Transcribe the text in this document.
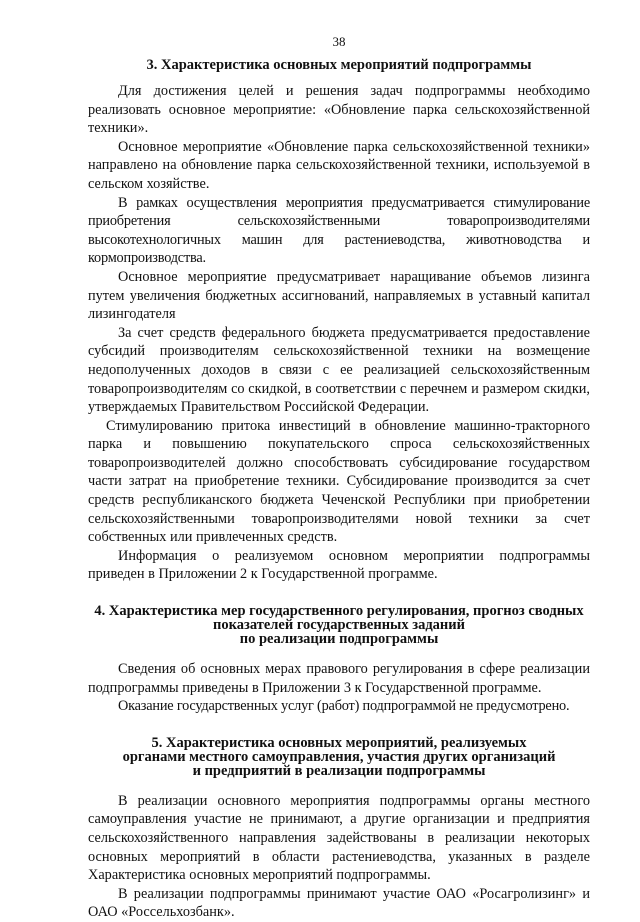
38
3. Характеристика основных мероприятий подпрограммы

Для достижения целей и решения задач подпрограммы необходимо реализовать основное мероприятие: «Обновление парка сельскохозяйственной техники».

Основное мероприятие «Обновление парка сельскохозяйственной техники» направлено на обновление парка сельскохозяйственной техники, используемой в сельском хозяйстве.

В рамках осуществления мероприятия предусматривается стимулирование приобретения сельскохозяйственными товаропроизводителями высокотехнологичных машин для растениеводства, животноводства и кормопроизводства.

Основное мероприятие предусматривает наращивание объемов лизинга путем увеличения бюджетных ассигнований, направляемых в уставный капитал лизингодателя

За счет средств федерального бюджета предусматривается предоставление субсидий производителям сельскохозяйственной техники на возмещение недополученных доходов в связи с ее реализацией сельскохозяйственным товаропроизводителям со скидкой, в соответствии с перечнем и размером скидки, утверждаемых Правительством Российской Федерации.

Стимулированию притока инвестиций в обновление машинно-тракторного парка и повышению покупательского спроса сельскохозяйственных товаропроизводителей должно способствовать субсидирование государством части затрат на приобретение техники. Субсидирование производится за счет средств республиканского бюджета Чеченской Республики при приобретении сельскохозяйственными товаропроизводителями новой техники за счет собственных или привлеченных средств.

Информация о реализуемом основном мероприятии подпрограммы приведен в Приложении 2 к Государственной программе.

4. Характеристика мер государственного регулирования, прогноз сводных
показателей государственных заданий
по реализации подпрограммы

Сведения об основных мерах правового регулирования в сфере реализации подпрограммы приведены в Приложении 3 к Государственной программе.

Оказание государственных услуг (работ) подпрограммой не предусмотрено.

5. Характеристика основных мероприятий, реализуемых
органами местного самоуправления, участия других организаций
и предприятий в реализации подпрограммы

В реализации основного мероприятия подпрограммы органы местного самоуправления участие не принимают, а другие организации и предприятия сельскохозяйственного направления задействованы в реализации некоторых основных мероприятий в области растениеводства, указанных в разделе Характеристика основных мероприятий подпрограммы.

В реализации подпрограммы принимают участие ОАО «Росагролизинг» и ОАО «Россельхозбанк».
